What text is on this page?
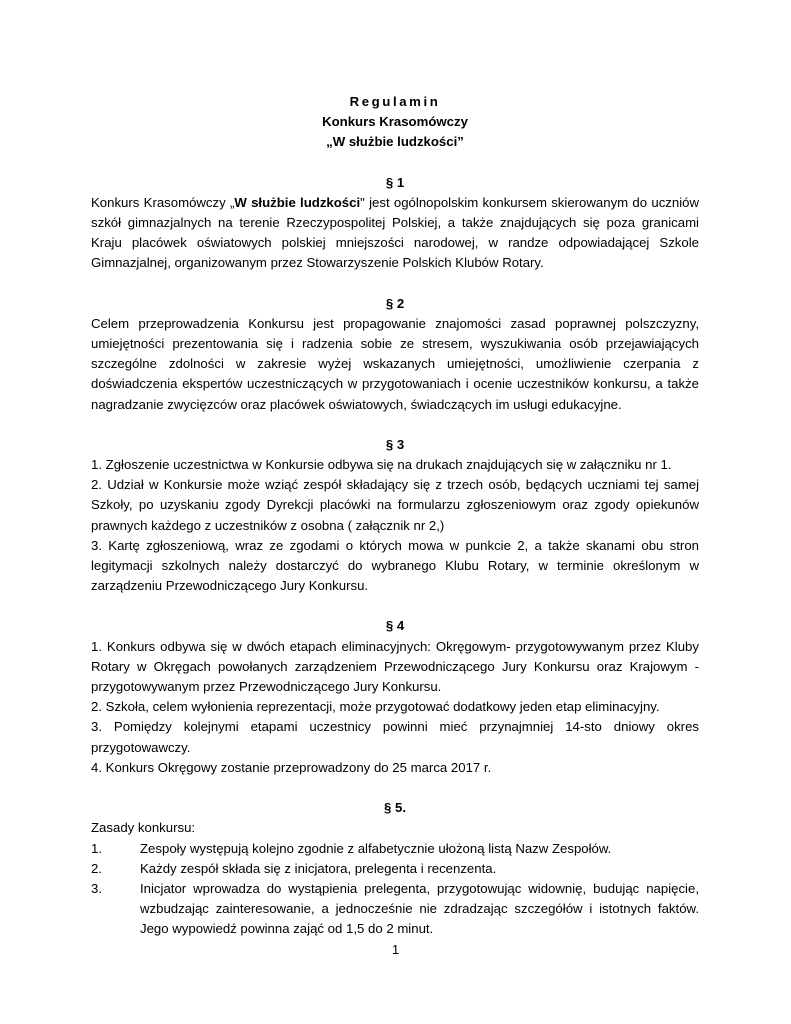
Regulamin
Konkurs Krasomówczy
„W służbie ludzkości”
§ 1
Konkurs Krasomówczy „W służbie ludzkości" jest ogólnopolskim konkursem skierowanym do uczniów szkół gimnazjalnych na terenie Rzeczypospolitej Polskiej, a także znajdujących się poza granicami Kraju placówek oświatowych polskiej mniejszości narodowej, w randze odpowiadającej Szkole Gimnazjalnej, organizowanym przez Stowarzyszenie Polskich Klubów Rotary.
§ 2
Celem przeprowadzenia Konkursu jest propagowanie znajomości zasad poprawnej polszczyzny, umiejętności prezentowania się i radzenia sobie ze stresem, wyszukiwania osób przejawiających szczególne zdolności w zakresie wyżej wskazanych umiejętności, umożliwienie czerpania z doświadczenia ekspertów uczestniczących w przygotowaniach i ocenie uczestników konkursu, a także nagradzanie zwycięzców oraz placówek oświatowych, świadczących im usługi edukacyjne.
§ 3
1. Zgłoszenie uczestnictwa w Konkursie odbywa się na drukach znajdujących się w załączniku nr 1.
2. Udział w Konkursie może wziąć zespół składający się z trzech osób, będących uczniami tej samej Szkoły, po uzyskaniu zgody Dyrekcji placówki na formularzu zgłoszeniowym oraz zgody opiekunów prawnych każdego z uczestników z osobna ( załącznik nr 2,)
3. Kartę zgłoszeniową, wraz ze zgodami o których mowa w punkcie 2, a także skanami obu stron legitymacji szkolnych należy dostarczyć do wybranego Klubu Rotary, w terminie określonym w zarządzeniu Przewodniczącego Jury Konkursu.
§ 4
1. Konkurs odbywa się w dwóch etapach eliminacyjnych: Okręgowym- przygotowywanym przez Kluby Rotary w Okręgach powołanych zarządzeniem Przewodniczącego Jury Konkursu oraz Krajowym - przygotowywanym przez Przewodniczącego Jury Konkursu.
2. Szkoła, celem wyłonienia reprezentacji, może przygotować dodatkowy jeden etap eliminacyjny.
3. Pomiędzy kolejnymi etapami uczestnicy powinni mieć przynajmniej 14-sto dniowy okres przygotowawczy.
4. Konkurs Okręgowy zostanie przeprowadzony do 25 marca 2017 r.
§ 5.
Zasady konkursu:
1.	Zespoły występują kolejno zgodnie z alfabetycznie ułożoną listą Nazw Zespołów.
2.	Każdy zespół składa się z inicjatora, prelegenta i recenzenta.
3.	Inicjator wprowadza do wystąpienia prelegenta, przygotowując widownię, budując napięcie, wzbudzając zainteresowanie, a jednocześnie nie zdradzając szczegółów i istotnych faktów. Jego wypowiedź powinna zająć od 1,5 do 2 minut.
1
